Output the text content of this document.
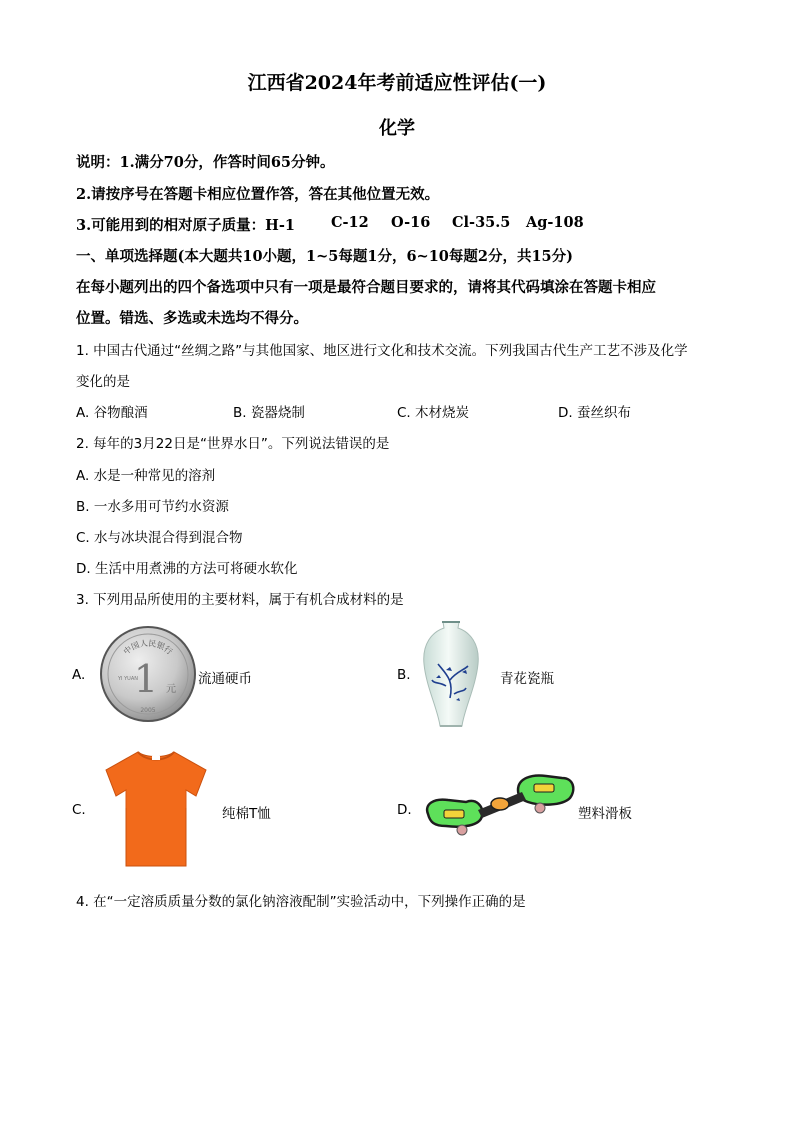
江西省2024年考前适应性评估(一)
化学
说明：1.满分70分，作答时间65分钟。
2.请按序号在答题卡相应位置作答，答在其他位置无效。
3.可能用到的相对原子质量：H-1 C-12 O-16 Cl-35.5 Ag-108
一、单项选择题(本大题共10小题，1~5每题1分，6~10每题2分，共15分)
在每小题列出的四个备选项中只有一项是最符合题目要求的，请将其代码填涂在答题卡相应
位置。错选、多选或未选均不得分。
1. 中国古代通过“丝绸之路”与其他国家、地区进行文化和技术交流。下列我国古代生产工艺不涉及化学
变化的是
A. 谷物酿酒	B. 瓷器烧制	C. 木材烧炭	D. 蚕丝织布
2. 每年的3月22日是“世界水日”。下列说法错误的是
A. 水是一种常见的溶剂
B. 一水多用可节约水资源
C. 水与冰块混合得到混合物
D. 生活中用煮沸的方法可将硬水软化
3. 下列用品所使用的主要材料，属于有机合成材料的是
A.
中国人民银行
1 元
YI YUAN
2005
流通硬币	B.	青花瓷瓶
C.	纯棉T恤	D.	塑料滑板
4. 在“一定溶质质量分数的氯化钠溶液配制”实验活动中，下列操作正确的是
